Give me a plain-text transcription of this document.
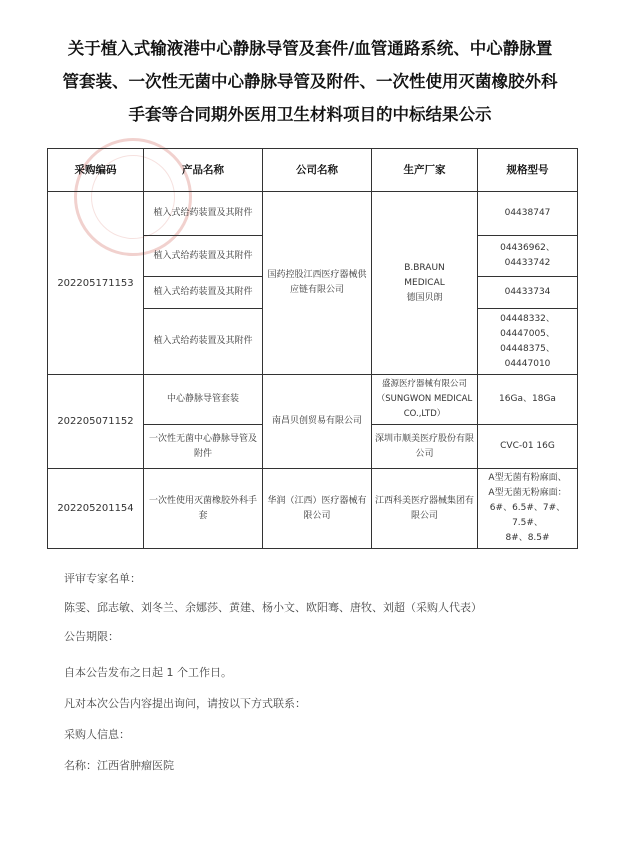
关于植入式输液港中心静脉导管及套件/血管通路系统、中心静脉置
管套装、一次性无菌中心静脉导管及附件、一次性使用灭菌橡胶外科
手套等合同期外医用卫生材料项目的中标结果公示
采购编码	产品名称	公司名称	生产厂家	规格型号
202205171153	植入式给药装置及其附件	国药控股江西医疗器械供应链有限公司	B.BRAUN
MEDICAL
德国贝朗	04438747

	植入式给药装置及其附件			04436962、
04433742

	植入式给药装置及其附件			04433734

	植入式给药装置及其附件			04448332、
04447005、
04448375、
04447010

202205071152	中心静脉导管套装	南昌贝创贸易有限公司	盛源医疗器械有限公司（SUNGWON MEDICAL CO.,LTD）	16Ga、18Ga

	一次性无菌中心静脉导管及附件		深圳市顺美医疗股份有限公司	CVC-01 16G

202205201154	一次性使用灭菌橡胶外科手套	华润（江西）医疗器械有限公司	江西科美医疗器械集团有限公司	A型无菌有粉麻面、
A型无菌无粉麻面：
6#、6.5#、7#、7.5#、
8#、8.5#
评审专家名单：
陈雯、邱志敏、刘冬兰、余娜莎、黄建、杨小文、欧阳骞、唐牧、刘超（采购人代表）
公告期限：
自本公告发布之日起 1 个工作日。
凡对本次公告内容提出询问，请按以下方式联系：
采购人信息：
名称：江西省肿瘤医院
